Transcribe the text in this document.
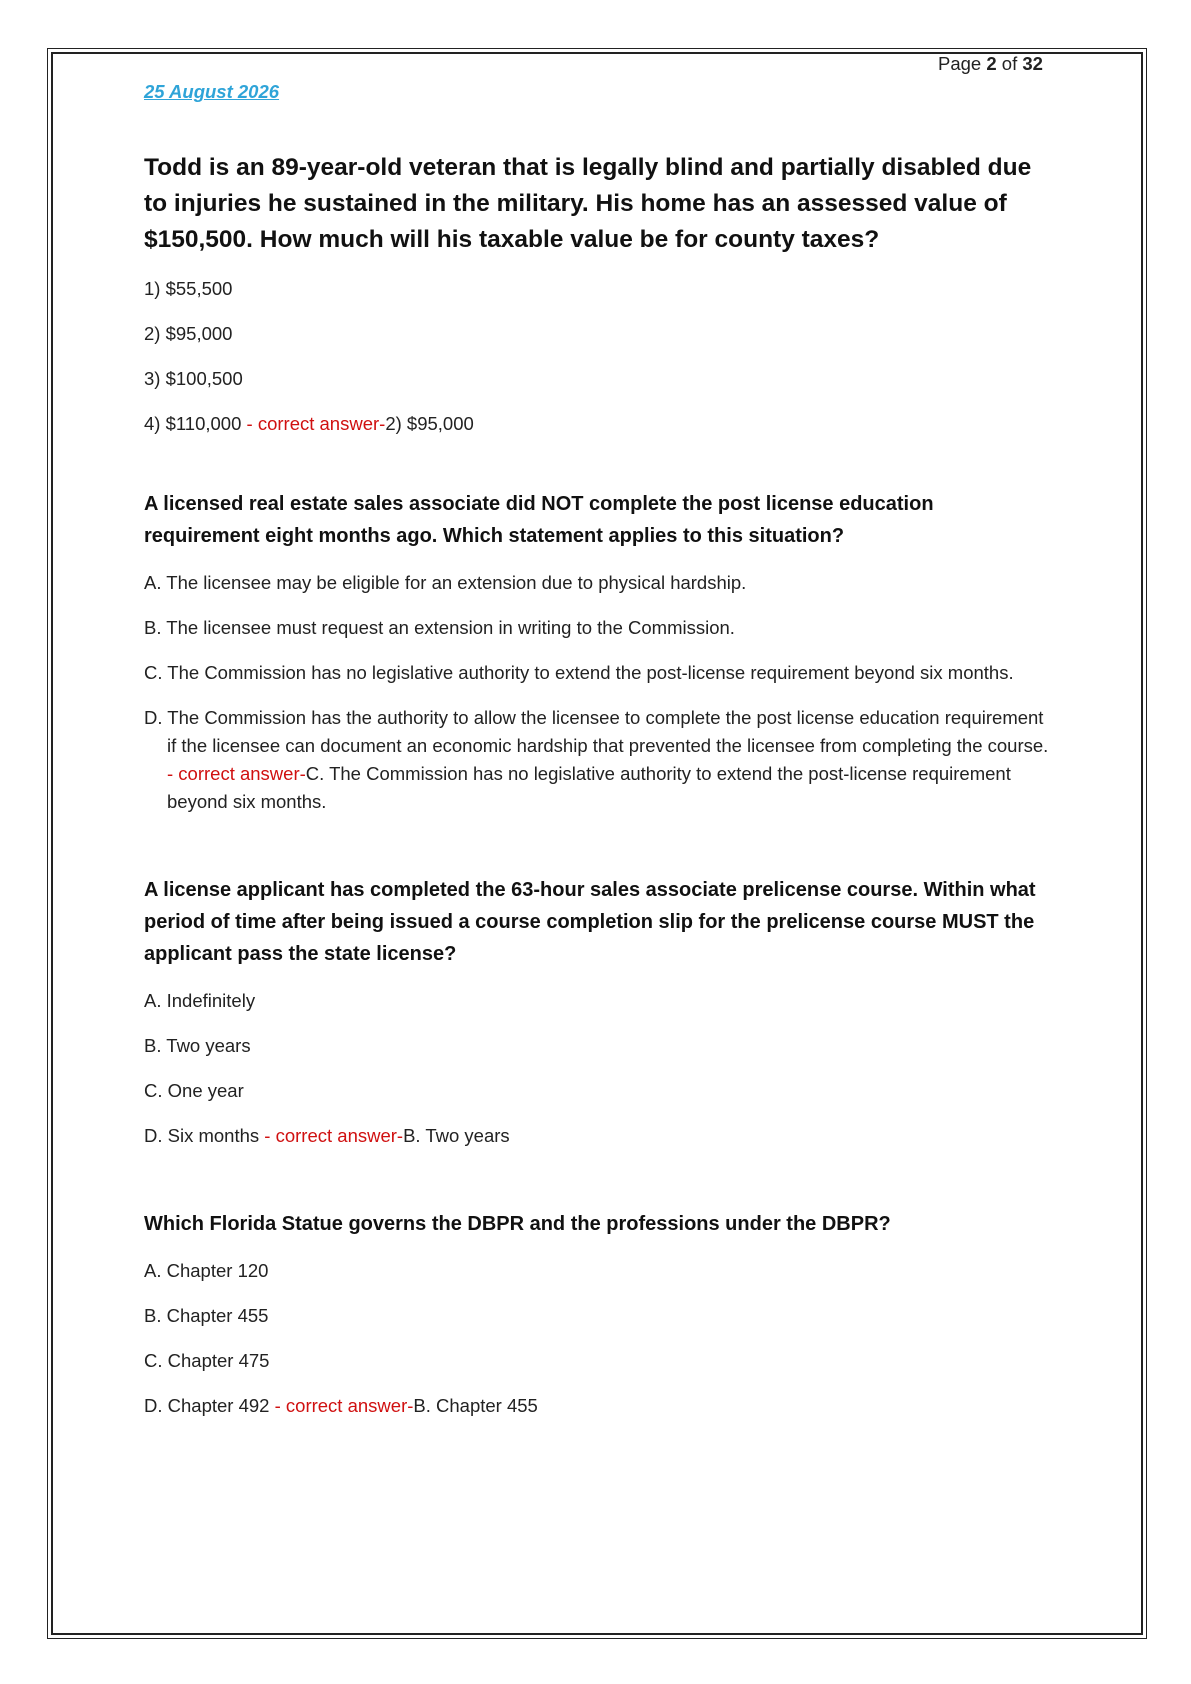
Page 2 of 32
25 August 2026

Todd is an 89-year-old veteran that is legally blind and partially disabled due to injuries he sustained in the military. His home has an assessed value of $150,500. How much will his taxable value be for county taxes?

1) $55,500
2) $95,000
3) $100,500
4) $110,000 - correct answer-2) $95,000

A licensed real estate sales associate did NOT complete the post license education requirement eight months ago. Which statement applies to this situation?

A. The licensee may be eligible for an extension due to physical hardship.
B. The licensee must request an extension in writing to the Commission.
C. The Commission has no legislative authority to extend the post-license requirement beyond six months.
D. The Commission has the authority to allow the licensee to complete the post license education requirement if the licensee can document an economic hardship that prevented the licensee from completing the course. - correct answer-C. The Commission has no legislative authority to extend the post-license requirement beyond six months.

A license applicant has completed the 63-hour sales associate prelicense course. Within what period of time after being issued a course completion slip for the prelicense course MUST the applicant pass the state license?

A. Indefinitely
B. Two years
C. One year
D. Six months - correct answer-B. Two years

Which Florida Statue governs the DBPR and the professions under the DBPR?

A. Chapter 120
B. Chapter 455
C. Chapter 475
D. Chapter 492 - correct answer-B. Chapter 455
